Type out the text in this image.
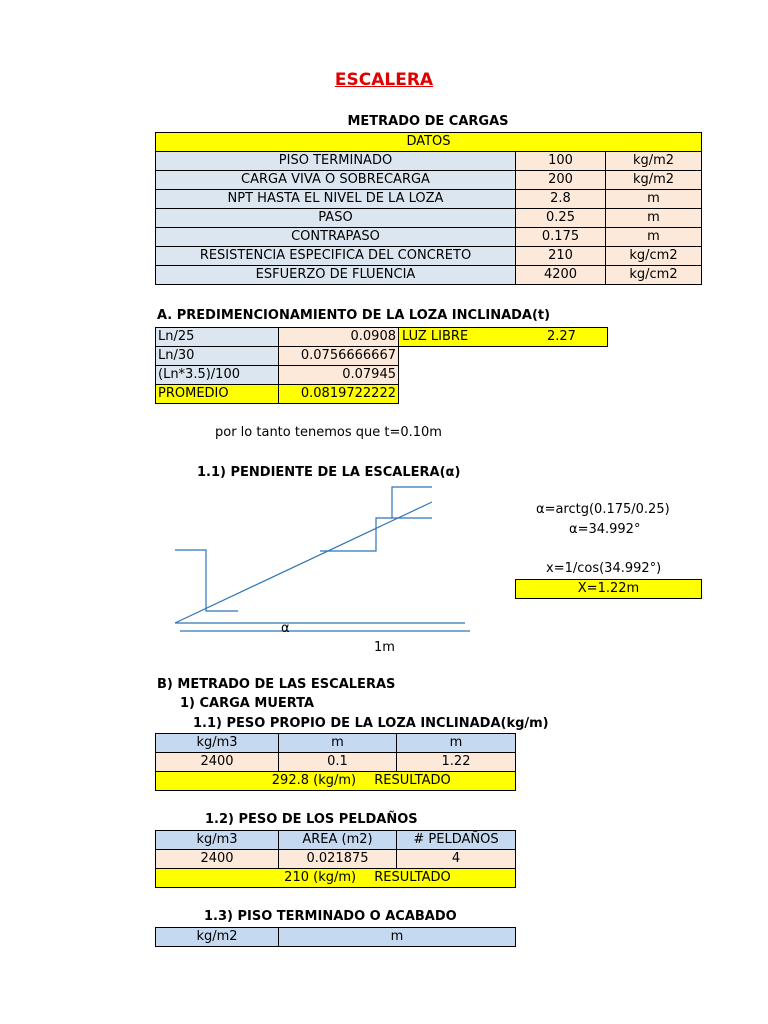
ESCALERA
METRADO DE CARGAS
DATOS		
PISO TERMINADO	100	kg/m2
CARGA VIVA O SOBRECARGA	200	kg/m2
NPT HASTA EL NIVEL DE LA LOZA	2.8	m
PASO	0.25	m
CONTRAPASO	0.175	m
RESISTENCIA ESPECIFICA DEL CONCRETO	210	kg/cm2
ESFUERZO DE FLUENCIA	4200	kg/cm2
A. PREDIMENCIONAMIENTO DE LA LOZA INCLINADA(t)
Ln/25	0.0908
Ln/30	0.0756666667
(Ln*3.5)/100	0.07945
PROMEDIO	0.0819722222
LUZ LIBRE	2.27
por lo tanto tenemos que t=0.10m
1.1) PENDIENTE DE LA ESCALERA(α)
α
1m
α=arctg(0.175/0.25)
α=34.992°
x=1/cos(34.992°)
X=1.22m
B) METRADO DE LAS ESCALERAS
1) CARGA MUERTA
1.1) PESO PROPIO DE LA LOZA INCLINADA(kg/m)
kg/m3	m	m
2400	0.1	1.22
292.8 (kg/m) RESULTADO		
1.2) PESO DE LOS PELDAÑOS
kg/m3	AREA (m2)	# PELDAÑOS
2400	0.021875	4
210 (kg/m) RESULTADO		
1.3) PISO TERMINADO O ACABADO
kg/m2	m
